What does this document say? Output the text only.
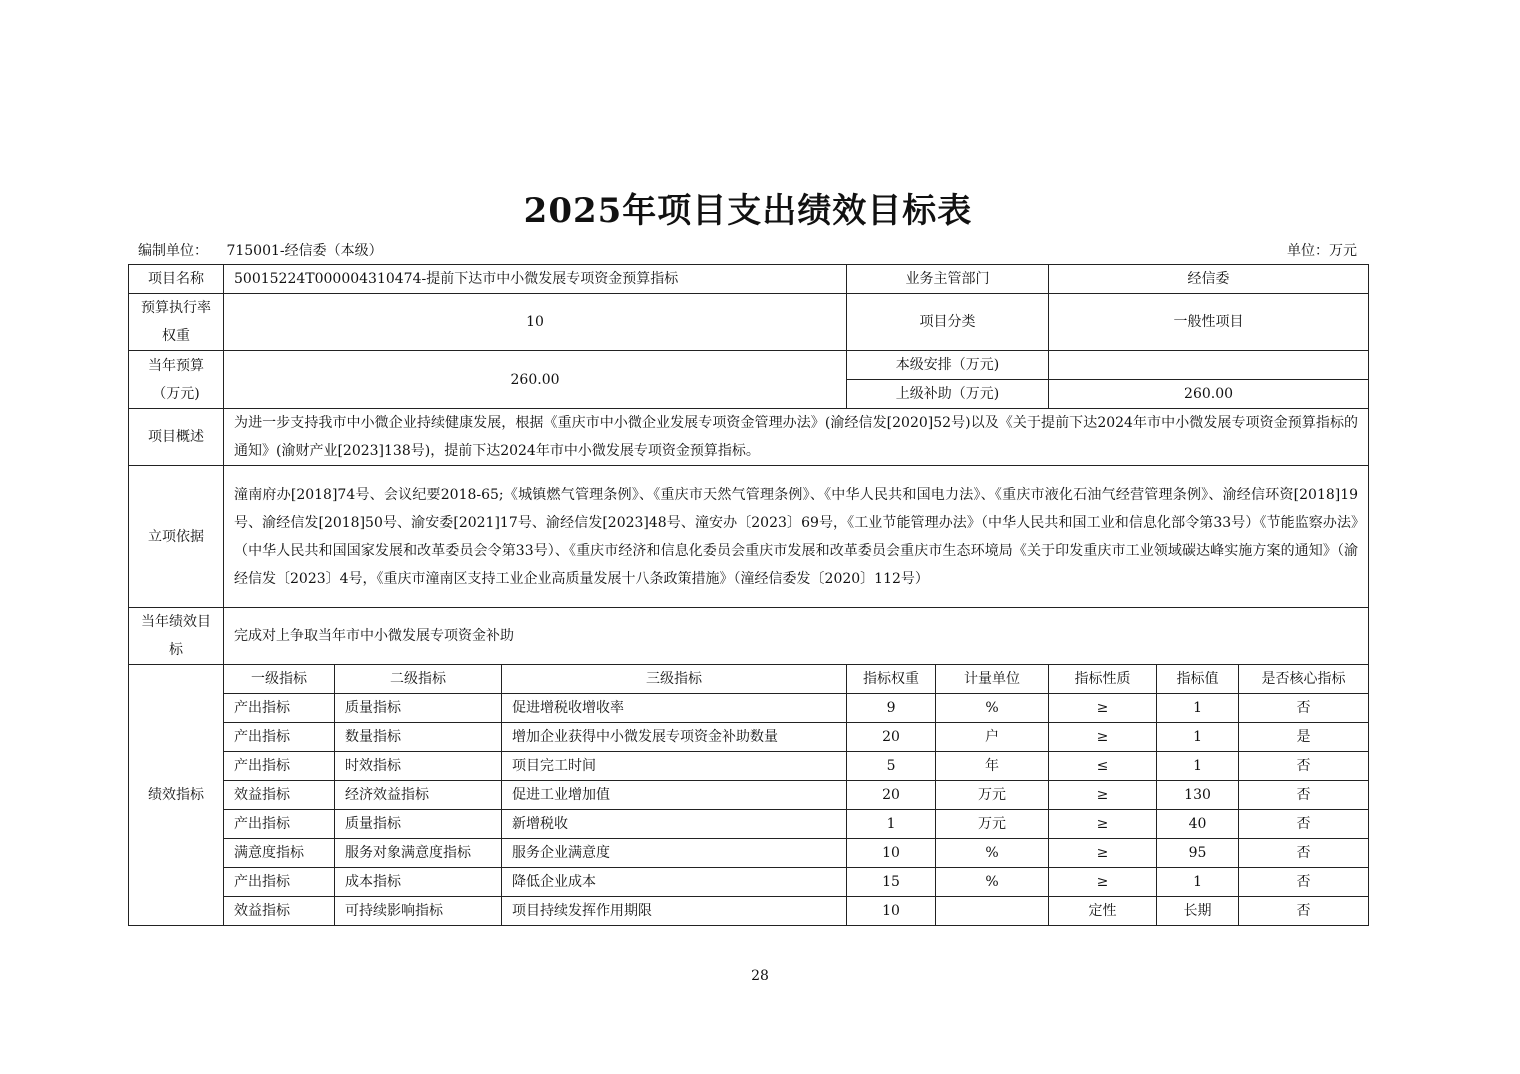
2025年项目支出绩效目标表
编制单位： 715001-经信委（本级）	单位：万元
项目名称	50015224T000004310474-提前下达市中小微发展专项资金预算指标			业务主管部门		经信委		
预算执行率权重	10			项目分类		一般性项目		
当年预算（万元)	260.00			本级安排（万元)				
				上级补助（万元)		260.00		
项目概述	为进一步支持我市中小微企业持续健康发展，根据《重庆市中小微企业发展专项资金管理办法》(渝经信发[2020]52号)以及《关于提前下达2024年市中小微发展专项资金预算指标的通知》(渝财产业[2023]138号)，提前下达2024年市中小微发展专项资金预算指标。							
立项依据	潼南府办[2018]74号、会议纪要2018-65;《城镇燃气管理条例》、《重庆市天然气管理条例》、《中华人民共和国电力法》、《重庆市液化石油气经营管理条例》、渝经信环资[2018]19号、渝经信发[2018]50号、渝安委[2021]17号、渝经信发[2023]48号、潼安办〔2023〕69号，《工业节能管理办法》（中华人民共和国工业和信息化部令第33号）《节能监察办法》（中华人民共和国国家发展和改革委员会令第33号）、《重庆市经济和信息化委员会重庆市发展和改革委员会重庆市生态环境局《关于印发重庆市工业领域碳达峰实施方案的通知》（渝经信发〔2023〕4号，《重庆市潼南区支持工业企业高质量发展十八条政策措施》（潼经信委发〔2020〕112号）							
当年绩效目标	完成对上争取当年市中小微发展专项资金补助							
绩效指标	一级指标	二级指标	三级指标	指标权重	计量单位	指标性质	指标值	是否核心指标
	产出指标	质量指标	促进增税收增收率	9	%	≥	1	否
	产出指标	数量指标	增加企业获得中小微发展专项资金补助数量	20	户	≥	1	是
	产出指标	时效指标	项目完工时间	5	年	≤	1	否
	效益指标	经济效益指标	促进工业增加值	20	万元	≥	130	否
	产出指标	质量指标	新增税收	1	万元	≥	40	否
	满意度指标	服务对象满意度指标	服务企业满意度	10	%	≥	95	否
	产出指标	成本指标	降低企业成本	15	%	≥	1	否
	效益指标	可持续影响指标	项目持续发挥作用期限	10		定性	长期	否
28
